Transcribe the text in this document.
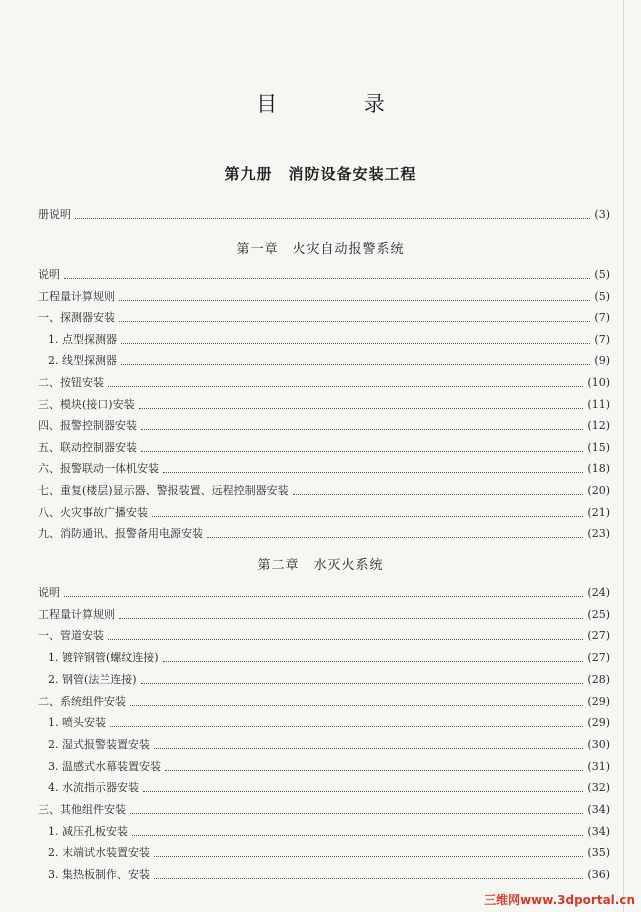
目 录
第九册　消防设备安装工程
册说明	(3)
第一章　火灾自动报警系统
说明	(5)
工程量计算规则	(5)
一、探测器安装	(7)
1. 点型探测器	(7)
2. 线型探测器	(9)
二、按钮安装	(10)
三、模块(接口)安装	(11)
四、报警控制器安装	(12)
五、联动控制器安装	(15)
六、报警联动一体机安装	(18)
七、重复(楼层)显示器、警报装置、远程控制器安装	(20)
八、火灾事故广播安装	(21)
九、消防通讯、报警备用电源安装	(23)
第二章　水灭火系统
说明	(24)
工程量计算规则	(25)
一、管道安装	(27)
1. 镀锌钢管(螺纹连接)	(27)
2. 钢管(法兰连接)	(28)
二、系统组件安装	(29)
1. 喷头安装	(29)
2. 湿式报警装置安装	(30)
3. 温感式水幕装置安装	(31)
4. 水流指示器安装	(32)
三、其他组件安装	(34)
1. 减压孔板安装	(34)
2. 末端试水装置安装	(35)
3. 集热板制作、安装	(36)
三维网www.3dportal.cn
